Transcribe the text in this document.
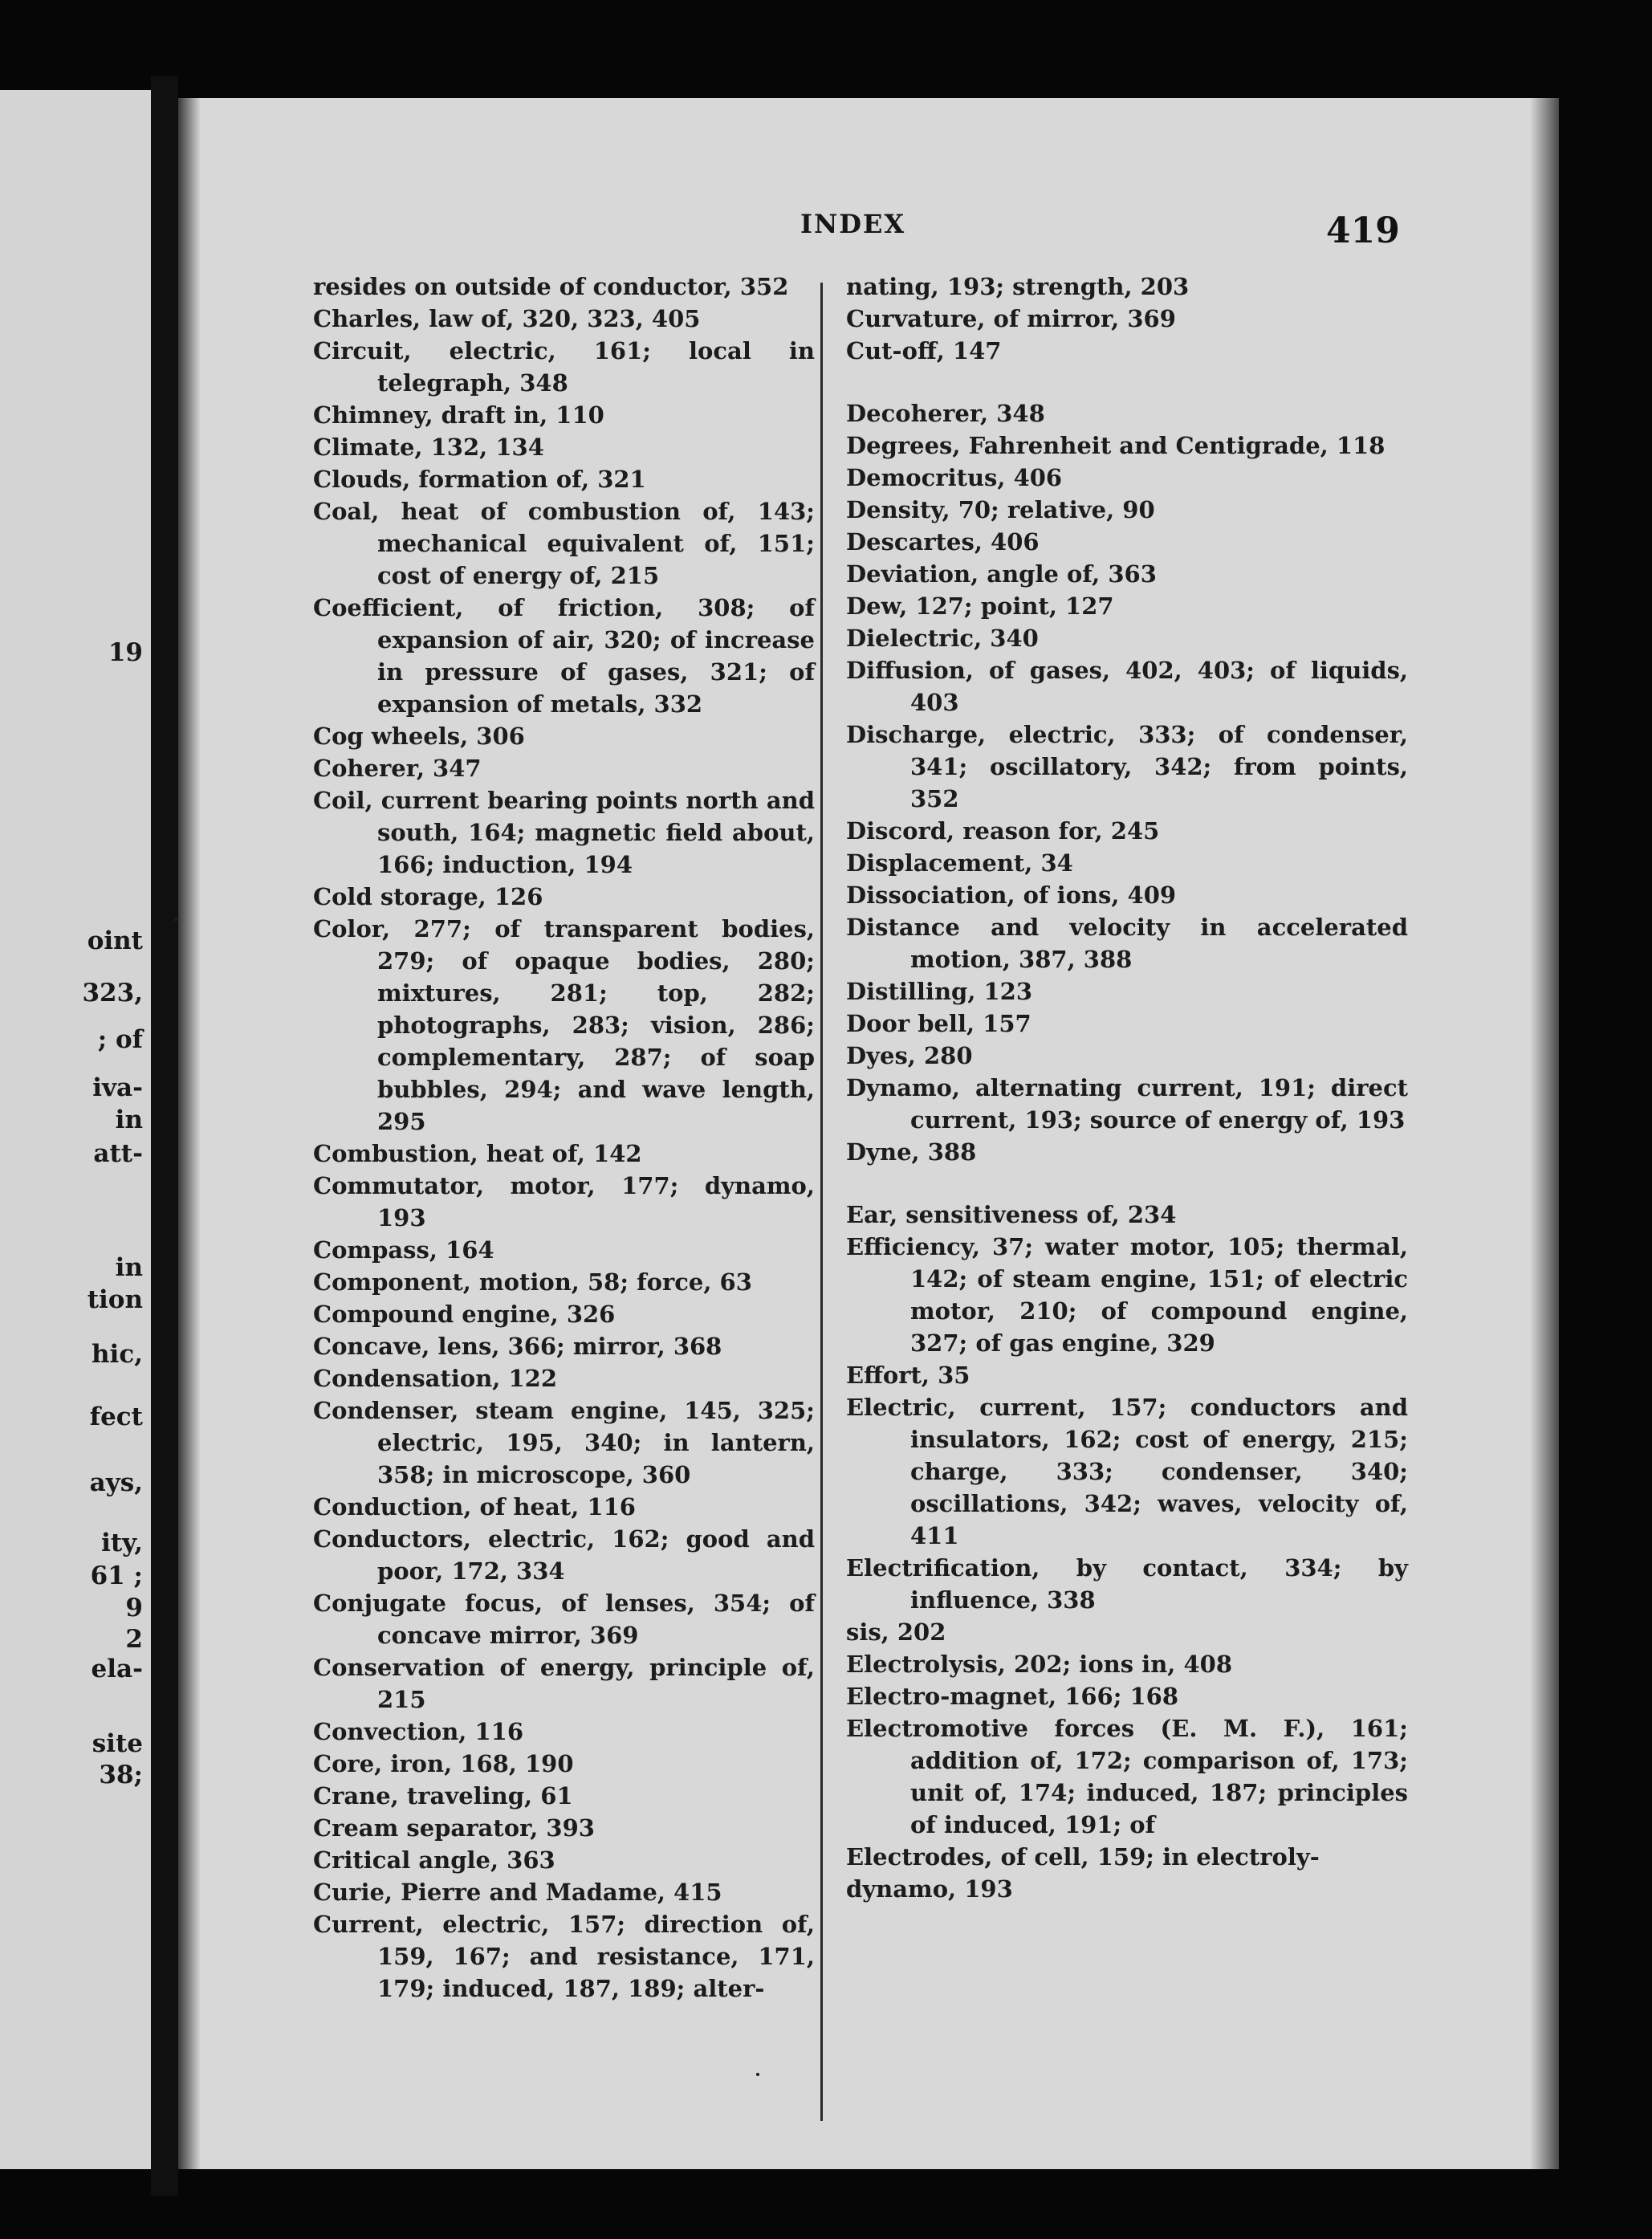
19
oint
323,
; of
iva-
in
att-
in
tion
hic,
fect
ays,
ity,
61 ;
9
2
ela-
site
38;
INDEX	419

resides on outside of conductor, 352

Charles, law of, 320, 323, 405

Circuit, electric, 161; local in telegraph, 348

Chimney, draft in, 110

Climate, 132, 134

Clouds, formation of, 321

Coal, heat of combustion of, 143; mechanical equivalent of, 151; cost of energy of, 215

Coefficient, of friction, 308; of expansion of air, 320; of increase in pressure of gases, 321; of expansion of metals, 332

Cog wheels, 306

Coherer, 347

Coil, current bearing points north and south, 164; magnetic field about, 166; induction, 194

Cold storage, 126

Color, 277; of transparent bodies, 279; of opaque bodies, 280; mixtures, 281; top, 282; photographs, 283; vision, 286; complementary, 287; of soap bubbles, 294; and wave length, 295

Combustion, heat of, 142

Commutator, motor, 177; dynamo, 193

Compass, 164

Component, motion, 58; force, 63

Compound engine, 326

Concave, lens, 366; mirror, 368

Condensation, 122

Condenser, steam engine, 145, 325; electric, 195, 340; in lantern, 358; in microscope, 360

Conduction, of heat, 116

Conductors, electric, 162; good and poor, 172, 334

Conjugate focus, of lenses, 354; of concave mirror, 369

Conservation of energy, principle of, 215

Convection, 116

Core, iron, 168, 190

Crane, traveling, 61

Cream separator, 393

Critical angle, 363

Curie, Pierre and Madame, 415

Current, electric, 157; direction of, 159, 167; and resistance, 171, 179; induced, 187, 189; alter-

nating, 193; strength, 203

Curvature, of mirror, 369

Cut-off, 147

Decoherer, 348

Degrees, Fahrenheit and Centigrade, 118

Democritus, 406

Density, 70; relative, 90

Descartes, 406

Deviation, angle of, 363

Dew, 127; point, 127

Dielectric, 340

Diffusion, of gases, 402, 403; of liquids, 403

Discharge, electric, 333; of condenser, 341; oscillatory, 342; from points, 352

Discord, reason for, 245

Displacement, 34

Dissociation, of ions, 409

Distance and velocity in accelerated motion, 387, 388

Distilling, 123

Door bell, 157

Dyes, 280

Dynamo, alternating current, 191; direct current, 193; source of energy of, 193

Dyne, 388

Ear, sensitiveness of, 234

Efficiency, 37; water motor, 105; thermal, 142; of steam engine, 151; of electric motor, 210; of compound engine, 327; of gas engine, 329

Effort, 35

Electric, current, 157; conductors and insulators, 162; cost of energy, 215; charge, 333; condenser, 340; oscillations, 342; waves, velocity of, 411

Electrification, by contact, 334; by influence, 338

sis, 202

Electrolysis, 202; ions in, 408

Electro-magnet, 166; 168

Electromotive forces (E. M. F.), 161; addition of, 172; comparison of, 173; unit of, 174; induced, 187; principles of induced, 191; of

Electrodes, of cell, 159; in electroly-

dynamo, 193
